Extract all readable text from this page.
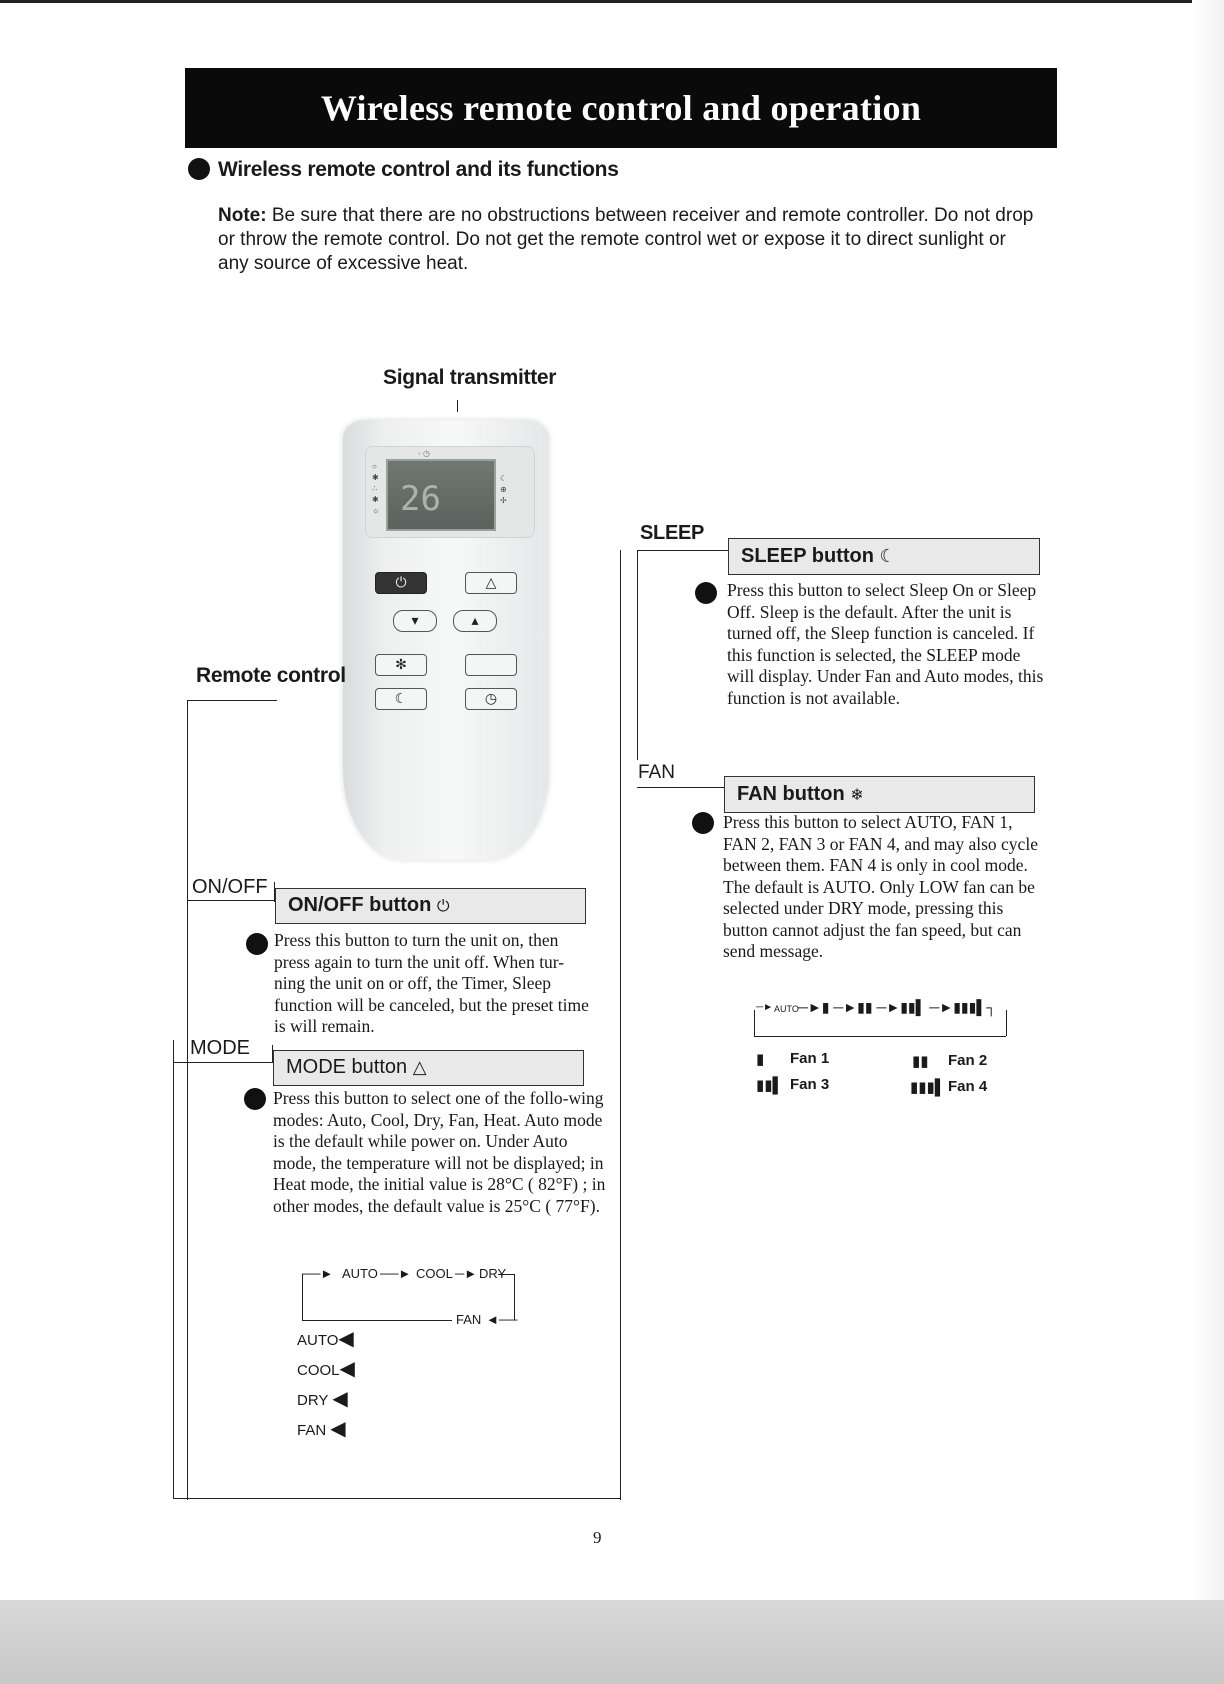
Wireless remote control and operation
Wireless remote control and its functions
Note: Be sure that there are no obstructions between receiver and remote controller. Do not drop or throw the remote control. Do not get the remote control wet or expose it to direct sunlight or any source of excessive heat.
Signal transmitter
○
✱
∴
✱
☼ 26
◦ ◷
☾
⊕
✢
⏻	△
▾	▴
✻
☾	◷
Remote control
ON/OFF
ON/OFF button ⏻
Press this button to turn the unit on, then press again to turn the unit off. When tur-ning the unit on or off, the Timer, Sleep function will be canceled, but the preset time is will remain.
MODE
MODE button △
Press this button to select one of the follo-wing modes: Auto, Cool, Dry, Fan, Heat. Auto mode is the default while power on. Under Auto mode, the temperature will not be displayed; in Heat mode, the initial value is 28°C ( 82°F) ; in other modes, the default value is 25°C ( 77°F).
──► AUTO ──► COOL ─► DRY
FAN ◄──
AUTO◀
COOL◀
DRY ◀
FAN ◀
SLEEP
SLEEP button ☾
Press this button to select Sleep On or Sleep Off. Sleep is the default. After the unit is turned off, the Sleep function is canceled. If this function is selected, the SLEEP mode will display. Under Fan and Auto modes, this function is not available.
FAN
FAN button ❄
Press this button to select AUTO, FAN 1, FAN 2, FAN 3 or FAN 4, and may also cycle between them. FAN 4 is only in cool mode. The default is AUTO. Only LOW fan can be selected under DRY mode, pressing this button cannot adjust the fan speed, but can send message.
─► AUTO ─►▮ ─►▮▮ ─►▮▮▌ ─►▮▮▮▌┐
▮ Fan 1	▮▮ Fan 2
▮▮▌ Fan 3	▮▮▮▌ Fan 4
9
